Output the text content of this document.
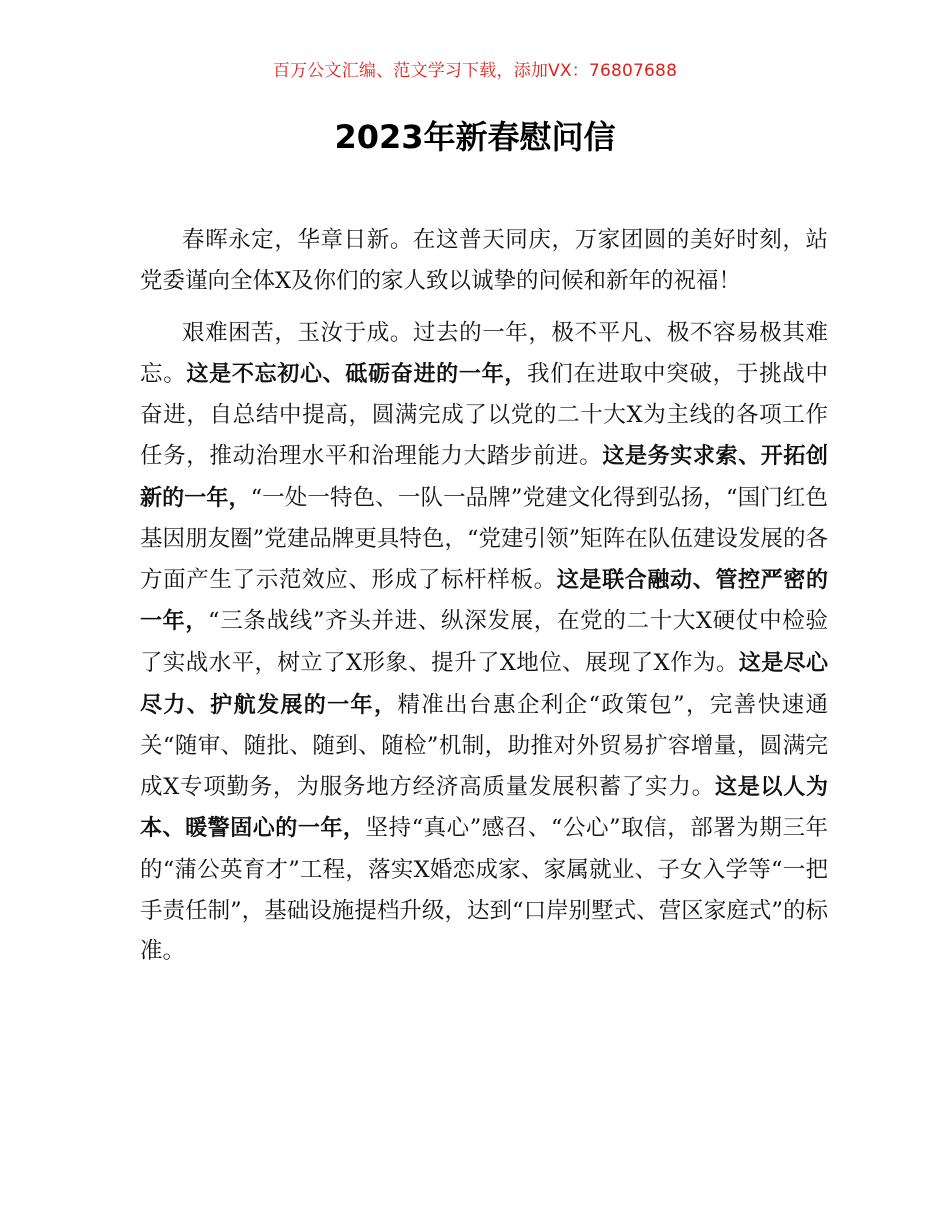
百万公文汇编、范文学习下载，添加VX：76807688
2023年新春慰问信

春晖永定，华章日新。在这普天同庆，万家团圆的美好时刻，站党委谨向全体X及你们的家人致以诚挚的问候和新年的祝福！

艰难困苦，玉汝于成。过去的一年，极不平凡、极不容易极其难忘。这是不忘初心、砥砺奋进的一年，我们在进取中突破，于挑战中奋进，自总结中提高，圆满完成了以党的二十大X为主线的各项工作任务，推动治理水平和治理能力大踏步前进。这是务实求索、开拓创新的一年，“一处一特色、一队一品牌”党建文化得到弘扬，“国门红色基因朋友圈”党建品牌更具特色，“党建引领”矩阵在队伍建设发展的各方面产生了示范效应、形成了标杆样板。这是联合融动、管控严密的一年，“三条战线”齐头并进、纵深发展，在党的二十大X硬仗中检验了实战水平，树立了X形象、提升了X地位、展现了X作为。这是尽心尽力、护航发展的一年，精准出台惠企利企“政策包”，完善快速通关“随审、随批、随到、随检”机制，助推对外贸易扩容增量，圆满完成X专项勤务，为服务地方经济高质量发展积蓄了实力。这是以人为本、暖警固心的一年，坚持“真心”感召、“公心”取信，部署为期三年的“蒲公英育才”工程，落实X婚恋成家、家属就业、子女入学等“一把手责任制”，基础设施提档升级，达到“口岸别墅式、营区家庭式”的标准。
